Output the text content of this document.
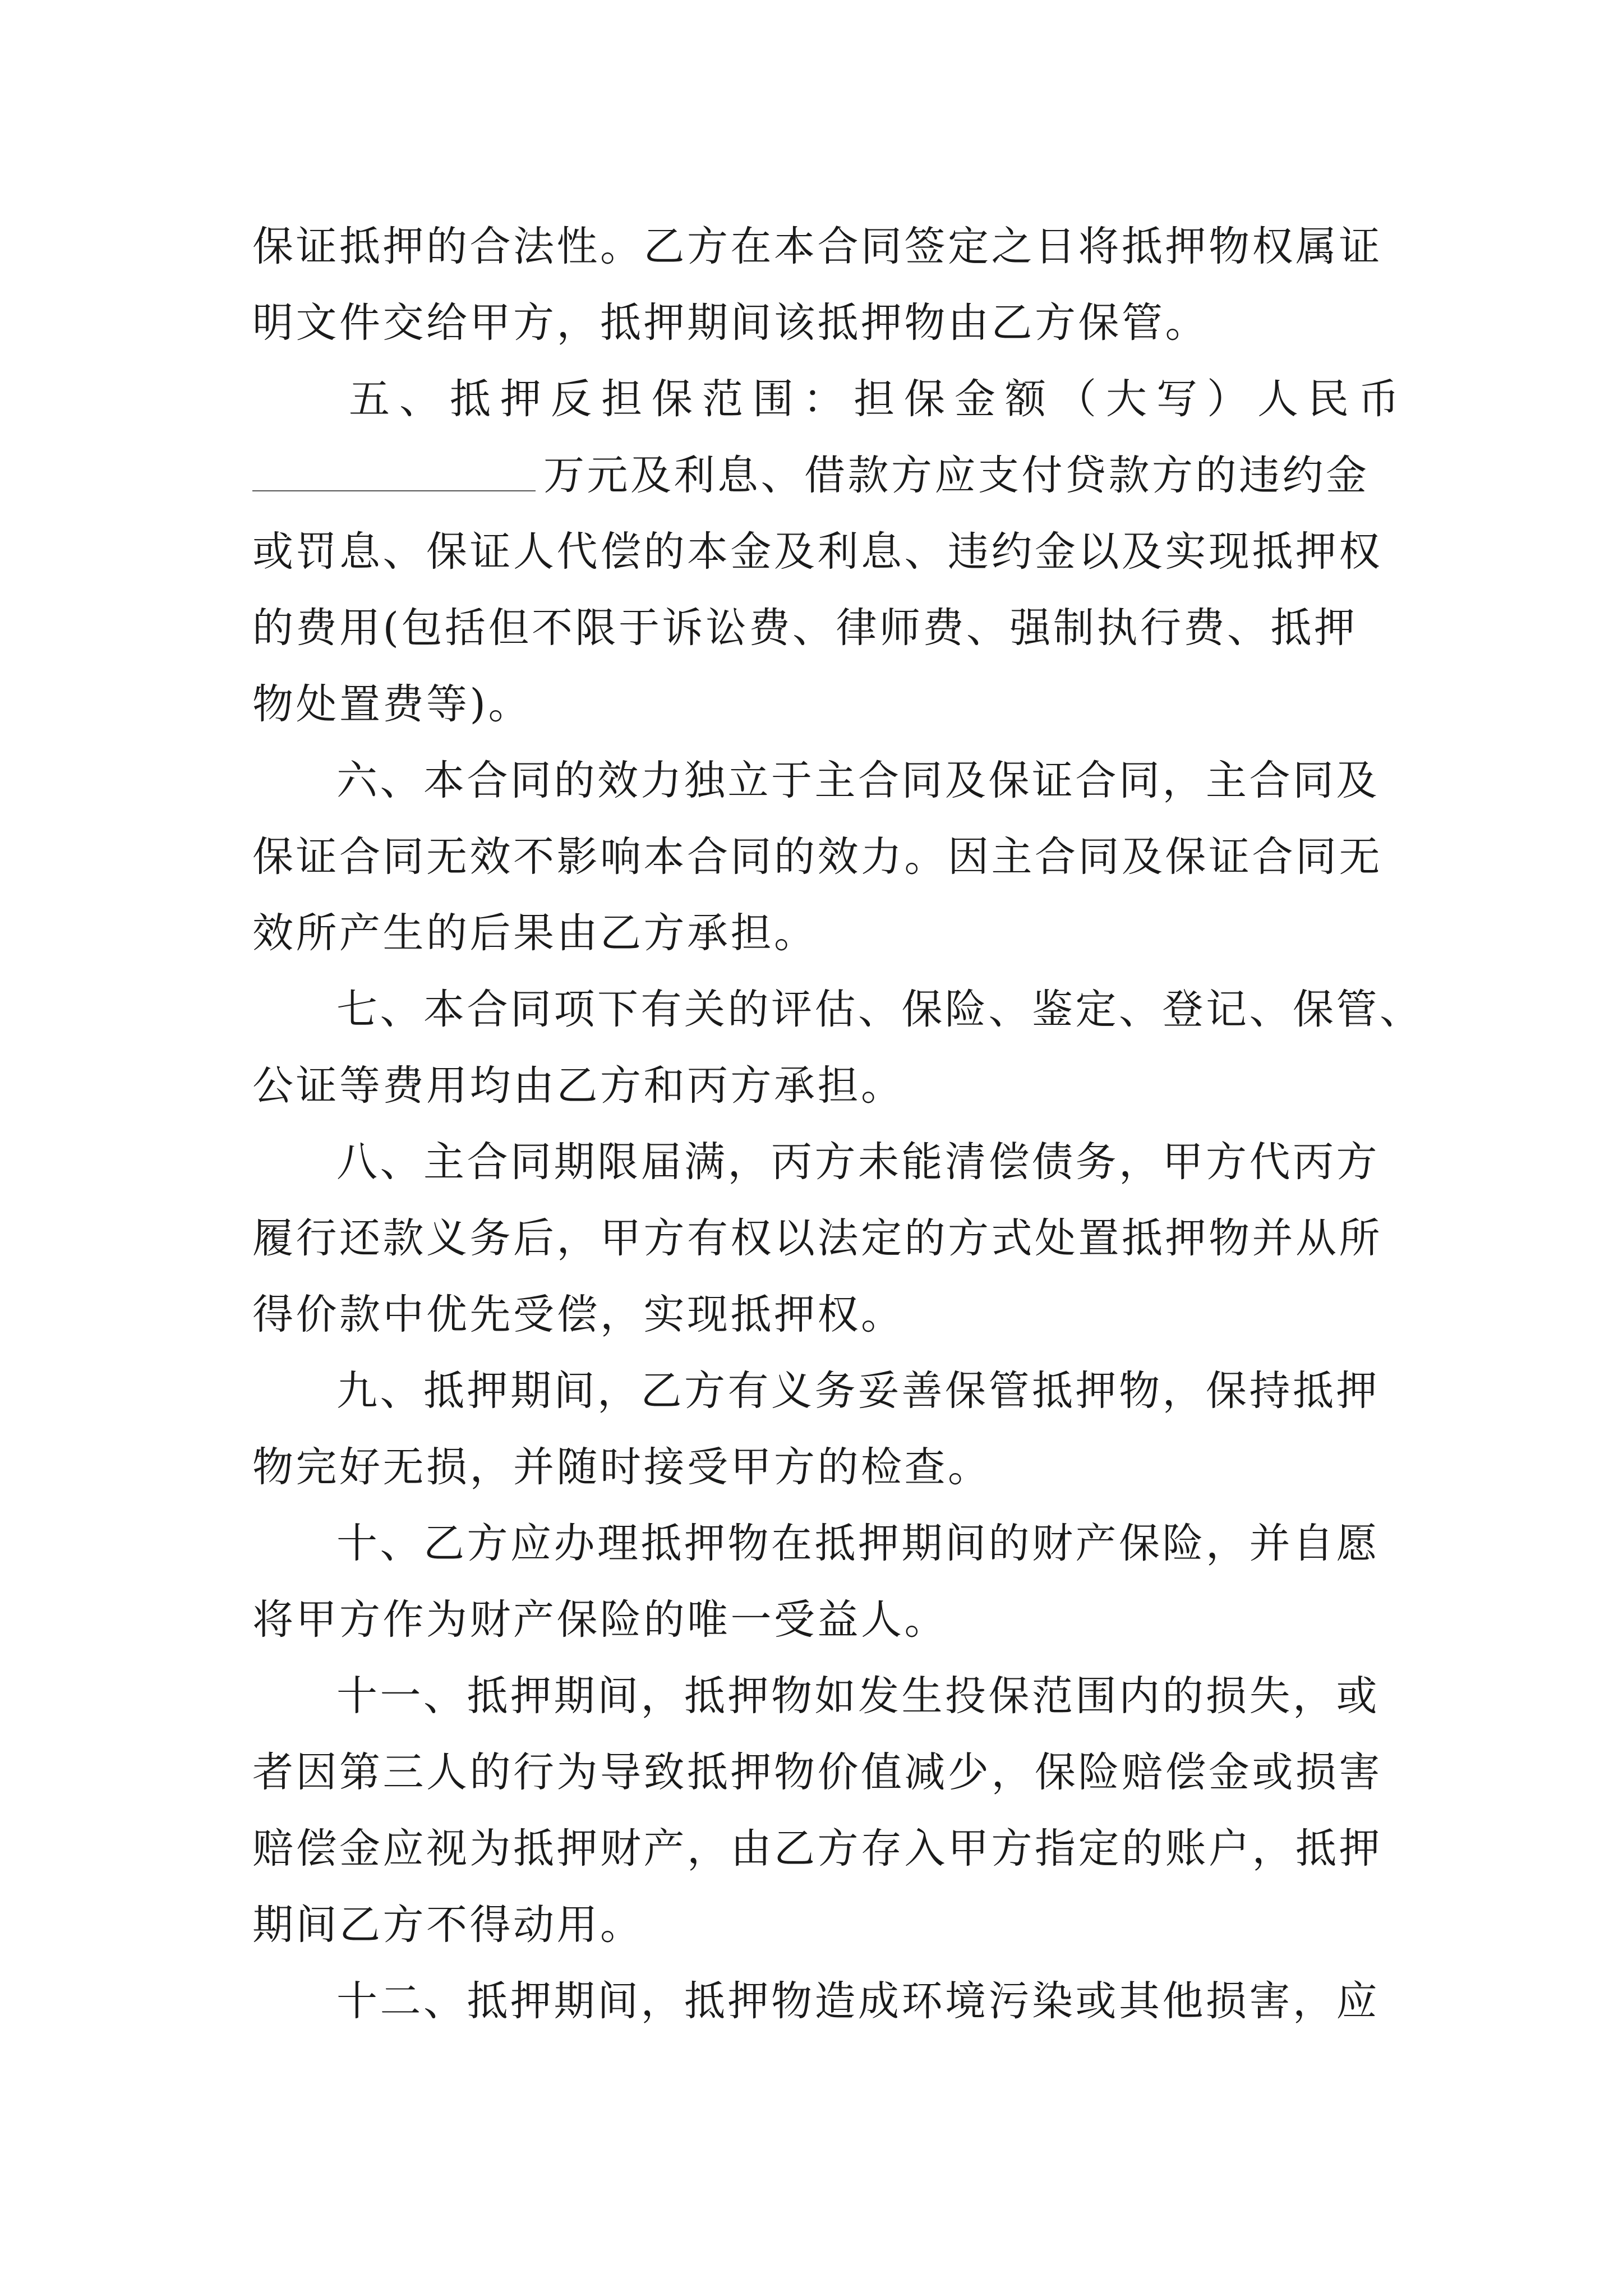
保证抵押的合法性。乙方在本合同签定之日将抵押物权属证
明文件交给甲方，抵押期间该抵押物由乙方保管。
五、抵押反担保范围：担保金额（大写）人民币
万元及利息、借款方应支付贷款方的违约金
或罚息、保证人代偿的本金及利息、违约金以及实现抵押权
的费用(包括但不限于诉讼费、律师费、强制执行费、抵押
物处置费等)。
六、本合同的效力独立于主合同及保证合同，主合同及
保证合同无效不影响本合同的效力。因主合同及保证合同无
效所产生的后果由乙方承担。
七、本合同项下有关的评估、保险、鉴定、登记、保管、
公证等费用均由乙方和丙方承担。
八、主合同期限届满，丙方未能清偿债务，甲方代丙方
履行还款义务后，甲方有权以法定的方式处置抵押物并从所
得价款中优先受偿，实现抵押权。
九、抵押期间，乙方有义务妥善保管抵押物，保持抵押
物完好无损，并随时接受甲方的检查。
十、乙方应办理抵押物在抵押期间的财产保险，并自愿
将甲方作为财产保险的唯一受益人。
十一、抵押期间，抵押物如发生投保范围内的损失，或
者因第三人的行为导致抵押物价值减少，保险赔偿金或损害
赔偿金应视为抵押财产，由乙方存入甲方指定的账户，抵押
期间乙方不得动用。
十二、抵押期间，抵押物造成环境污染或其他损害，应
